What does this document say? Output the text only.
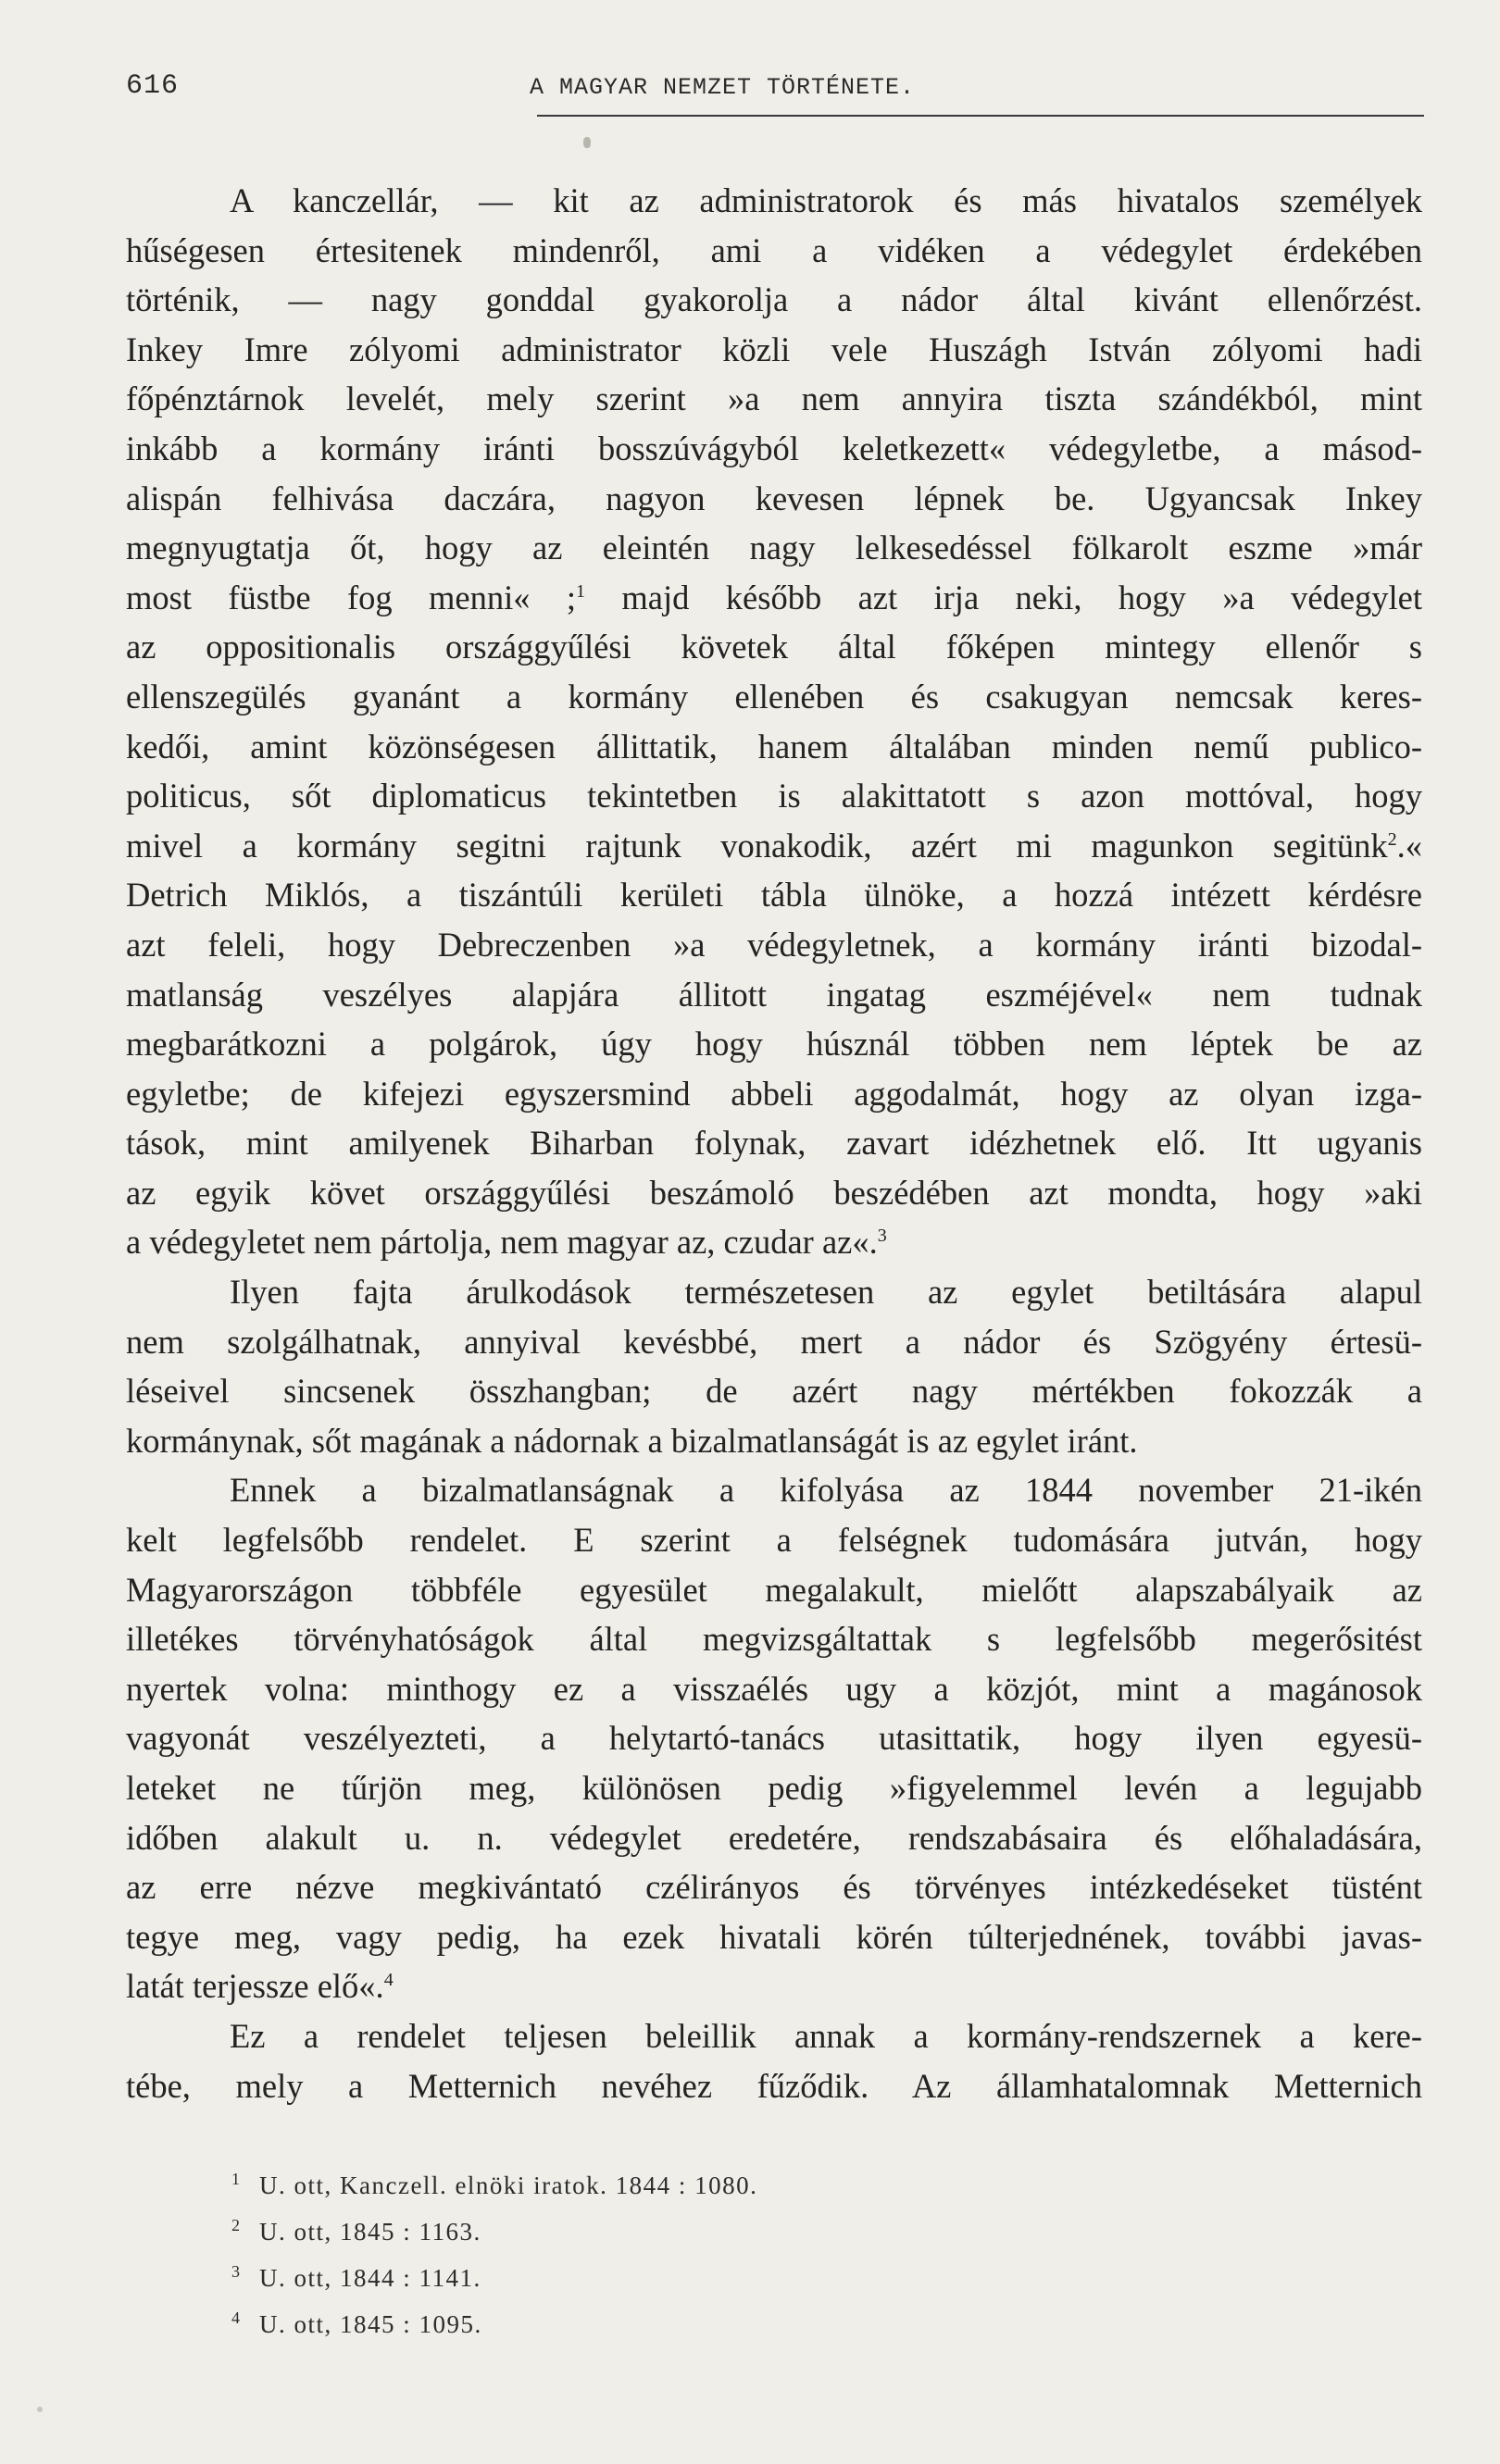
616	A MAGYAR NEMZET TÖRTÉNETE.
A kanczellár, — kit az administratorok és más hivatalos személyek
hűségesen értesitenek mindenről, ami a vidéken a védegylet érdekében
történik, — nagy gonddal gyakorolja a nádor által kivánt ellenőrzést.
Inkey Imre zólyomi administrator közli vele Huszágh István zólyomi hadi
főpénztárnok levelét, mely szerint »a nem annyira tiszta szándékból, mint
inkább a kormány iránti bosszúvágyból keletkezett« védegyletbe, a másod-
alispán felhivása daczára, nagyon kevesen lépnek be. Ugyancsak Inkey
megnyugtatja őt, hogy az eleintén nagy lelkesedéssel fölkarolt eszme »már
most füstbe fog menni« ;$^1$ majd később azt irja neki, hogy »a védegylet
az oppositionalis országgyűlési követek által főképen mintegy ellenőr s
ellenszegülés gyanánt a kormány ellenében és csakugyan nemcsak keres-
kedői, amint közönségesen állittatik, hanem általában minden nemű publico-
politicus, sőt diplomaticus tekintetben is alakittatott s azon mottóval, hogy
mivel a kormány segitni rajtunk vonakodik, azért mi magunkon segitünk$^2$.«
Detrich Miklós, a tiszántúli kerületi tábla ülnöke, a hozzá intézett kérdésre
azt feleli, hogy Debreczenben »a védegyletnek, a kormány iránti bizodal-
matlanság veszélyes alapjára állitott ingatag eszméjével« nem tudnak
megbarátkozni a polgárok, úgy hogy húsznál többen nem léptek be az
egyletbe; de kifejezi egyszersmind abbeli aggodalmát, hogy az olyan izga-
tások, mint amilyenek Biharban folynak, zavart idézhetnek elő. Itt ugyanis
az egyik követ országgyűlési beszámoló beszédében azt mondta, hogy »aki
a védegyletet nem pártolja, nem magyar az, czudar az«.$^3$
Ilyen fajta árulkodások természetesen az egylet betiltására alapul
nem szolgálhatnak, annyival kevésbbé, mert a nádor és Szögyény értesü-
léseivel sincsenek összhangban; de azért nagy mértékben fokozzák a
kormánynak, sőt magának a nádornak a bizalmatlanságát is az egylet iránt.
Ennek a bizalmatlanságnak a kifolyása az 1844 november 21-ikén
kelt legfelsőbb rendelet. E szerint a felségnek tudomására jutván, hogy
Magyarországon többféle egyesület megalakult, mielőtt alapszabályaik az
illetékes törvényhatóságok által megvizsgáltattak s legfelsőbb megerősitést
nyertek volna: minthogy ez a visszaélés ugy a közjót, mint a magánosok
vagyonát veszélyezteti, a helytartó-tanács utasittatik, hogy ilyen egyesü-
leteket ne tűrjön meg, különösen pedig »figyelemmel levén a legujabb
időben alakult u. n. védegylet eredetére, rendszabásaira és előhaladására,
az erre nézve megkivántató czélirányos és törvényes intézkedéseket tüstént
tegye meg, vagy pedig, ha ezek hivatali körén túlterjednének, további javas-
latát terjessze elő«.$^4$
Ez a rendelet teljesen beleillik annak a kormány-rendszernek a kere-
tébe, mely a Metternich nevéhez fűződik. Az államhatalomnak Metternich
1 U. ott, Kanczell. elnöki iratok. 1844 : 1080.
2 U. ott, 1845 : 1163.
3 U. ott, 1844 : 1141.
4 U. ott, 1845 : 1095.
